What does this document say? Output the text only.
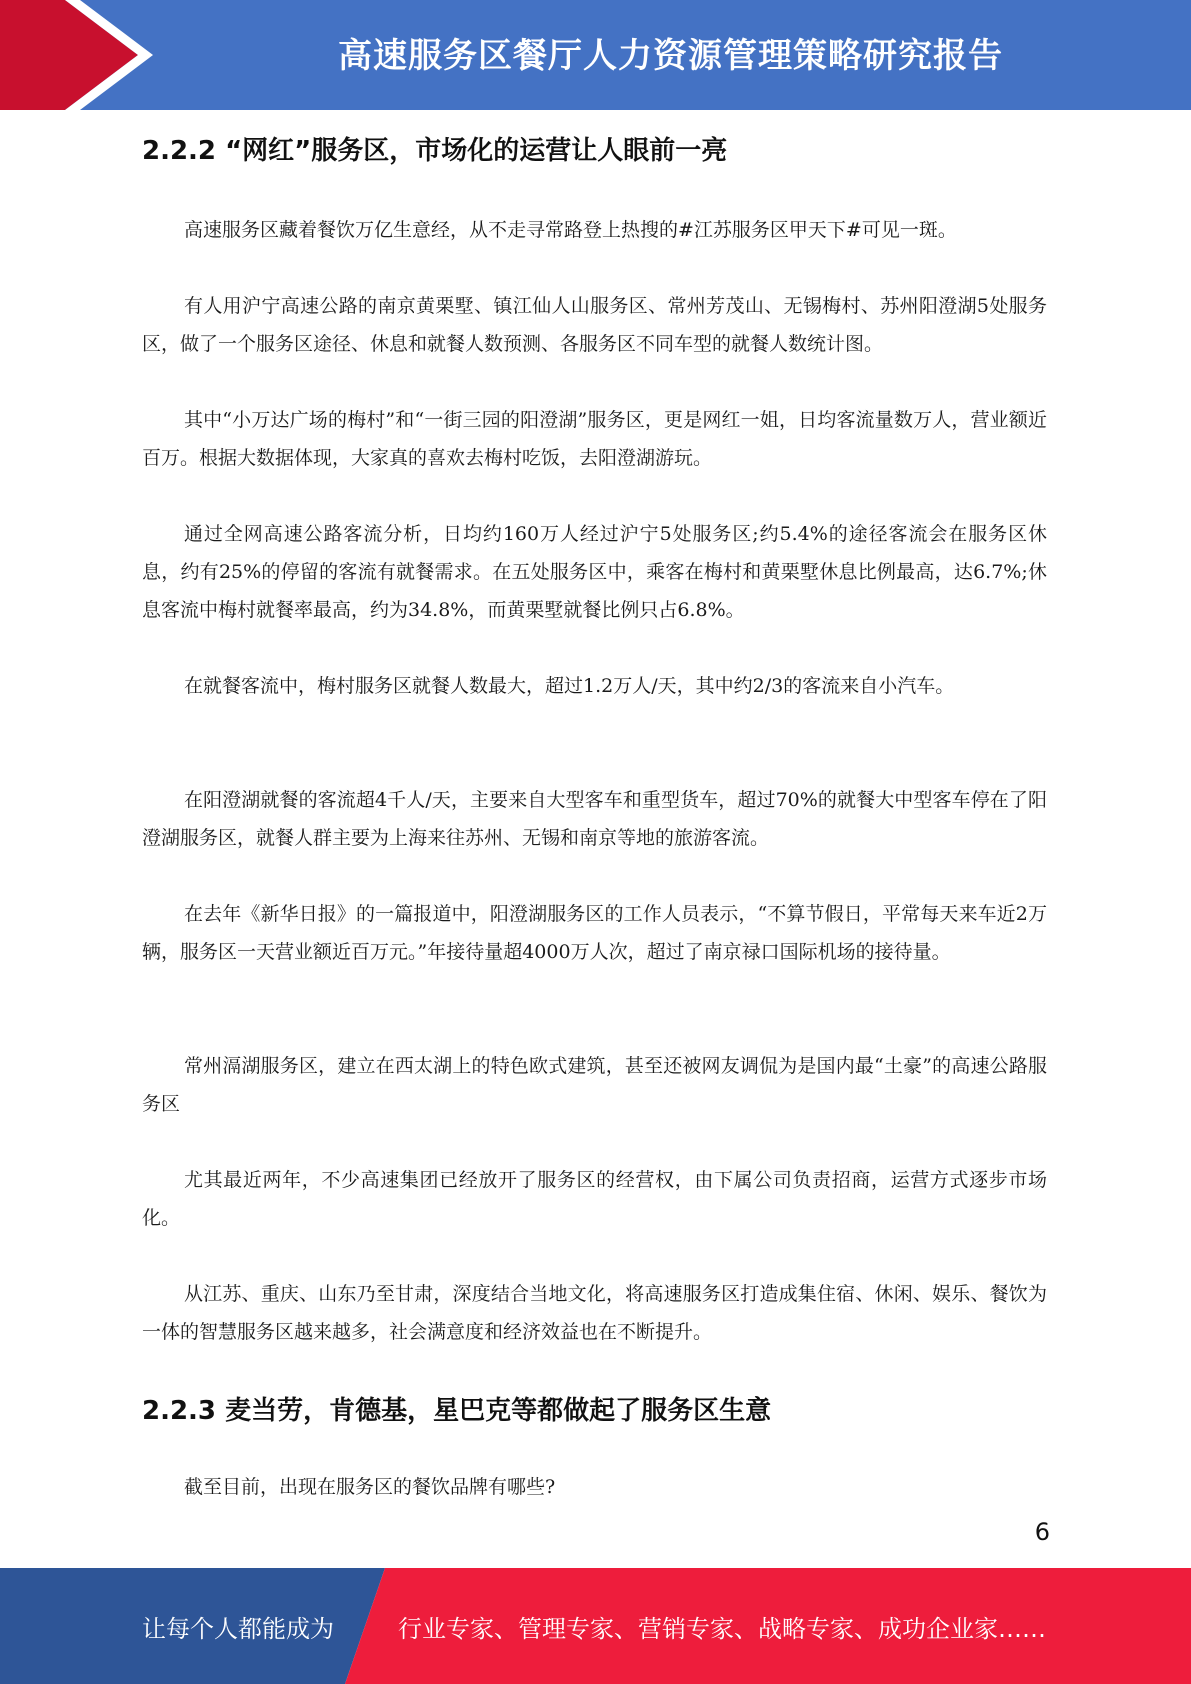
高速服务区餐厅人力资源管理策略研究报告
2.2.2 “网红”服务区，市场化的运营让人眼前一亮

高速服务区藏着餐饮万亿生意经，从不走寻常路登上热搜的#江苏服务区甲天下#可见一斑。

有人用沪宁高速公路的南京黄栗墅、镇江仙人山服务区、常州芳茂山、无锡梅村、苏州阳澄湖5处服务区，做了一个服务区途径、休息和就餐人数预测、各服务区不同车型的就餐人数统计图。

其中“小万达广场的梅村”和“一街三园的阳澄湖”服务区，更是网红一姐，日均客流量数万人，营业额近百万。根据大数据体现，大家真的喜欢去梅村吃饭，去阳澄湖游玩。

通过全网高速公路客流分析，日均约160万人经过沪宁5处服务区;约5.4%的途径客流会在服务区休息，约有25%的停留的客流有就餐需求。在五处服务区中，乘客在梅村和黄栗墅休息比例最高，达6.7%;休息客流中梅村就餐率最高，约为34.8%，而黄栗墅就餐比例只占6.8%。

在就餐客流中，梅村服务区就餐人数最大，超过1.2万人/天，其中约2/3的客流来自小汽车。

在阳澄湖就餐的客流超4千人/天，主要来自大型客车和重型货车，超过70%的就餐大中型客车停在了阳澄湖服务区，就餐人群主要为上海来往苏州、无锡和南京等地的旅游客流。

在去年《新华日报》的一篇报道中，阳澄湖服务区的工作人员表示，“不算节假日，平常每天来车近2万辆，服务区一天营业额近百万元。”年接待量超4000万人次，超过了南京禄口国际机场的接待量。

常州滆湖服务区，建立在西太湖上的特色欧式建筑，甚至还被网友调侃为是国内最“土豪”的高速公路服务区

尤其最近两年，不少高速集团已经放开了服务区的经营权，由下属公司负责招商，运营方式逐步市场化。

从江苏、重庆、山东乃至甘肃，深度结合当地文化，将高速服务区打造成集住宿、休闲、娱乐、餐饮为一体的智慧服务区越来越多，社会满意度和经济效益也在不断提升。

2.2.3 麦当劳，肯德基，星巴克等都做起了服务区生意

截至目前，出现在服务区的餐饮品牌有哪些?

6
让每个人都能成为	行业专家、管理专家、营销专家、战略专家、成功企业家……
